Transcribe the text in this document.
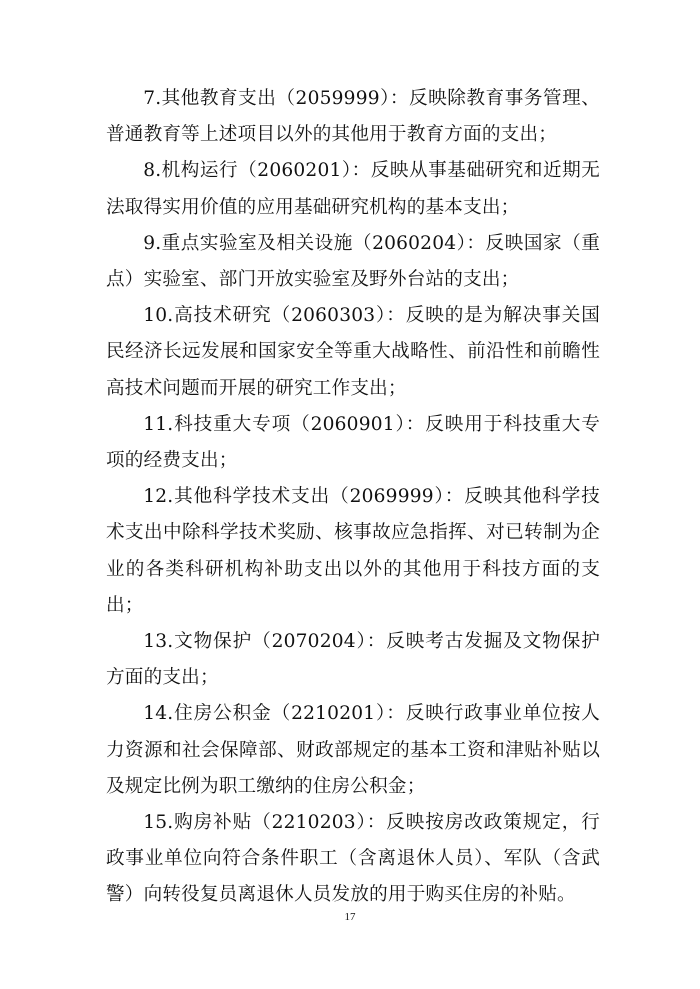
7.其他教育支出（2059999）：反映除教育事务管理、普通教育等上述项目以外的其他用于教育方面的支出；

8.机构运行（2060201）：反映从事基础研究和近期无法取得实用价值的应用基础研究机构的基本支出；

9.重点实验室及相关设施（2060204）：反映国家（重点）实验室、部门开放实验室及野外台站的支出；

10.高技术研究（2060303）：反映的是为解决事关国民经济长远发展和国家安全等重大战略性、前沿性和前瞻性高技术问题而开展的研究工作支出；

11.科技重大专项（2060901）：反映用于科技重大专项的经费支出；

12.其他科学技术支出（2069999）：反映其他科学技术支出中除科学技术奖励、核事故应急指挥、对已转制为企业的各类科研机构补助支出以外的其他用于科技方面的支出；

13.文物保护（2070204）：反映考古发掘及文物保护方面的支出；

14.住房公积金（2210201）：反映行政事业单位按人力资源和社会保障部、财政部规定的基本工资和津贴补贴以及规定比例为职工缴纳的住房公积金；

15.购房补贴（2210203）：反映按房改政策规定，行政事业单位向符合条件职工（含离退休人员）、军队（含武警）向转役复员离退休人员发放的用于购买住房的补贴。

17
